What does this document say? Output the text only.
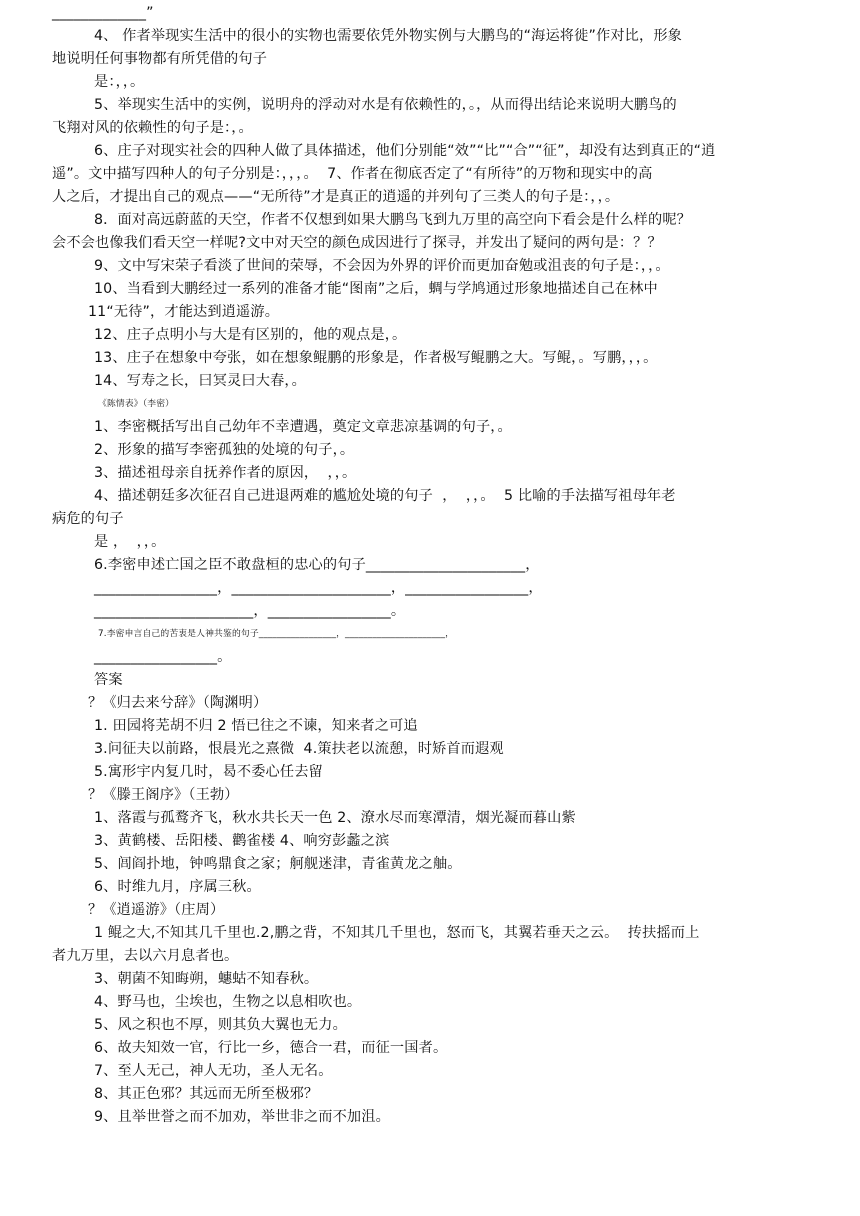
_____________”
4、 作者举现实生活中的很小的实物也需要依凭外物实例与大鹏鸟的“海运将徙”作对比，形象
地说明任何事物都有所凭借的句子
是：，，。
5、举现实生活中的实例，说明舟的浮动对水是有依赖性的，。，从而得出结论来说明大鹏鸟的
飞翔对风的依赖性的句子是：，。
6、庄子对现实社会的四种人做了具体描述，他们分别能“效”“比”“合”“征”，却没有达到真正的“逍
遥”。文中描写四种人的句子分别是：，，，。  7、作者在彻底否定了“有所待”的万物和现实中的高
人之后，才提出自己的观点——“无所待”才是真正的逍遥的并列句了三类人的句子是：，，。
8．面对高远蔚蓝的天空，作者不仅想到如果大鹏鸟飞到九万里的高空向下看会是什么样的呢？
会不会也像我们看天空一样呢?文中对天空的颜色成因进行了探寻，并发出了疑问的两句是：？？
9、文中写宋荣子看淡了世间的荣辱，不会因为外界的评价而更加奋勉或沮丧的句子是：，，。
10、当看到大鹏经过一系列的准备才能“图南”之后，蜩与学鸠通过形象地描述自己在林中
11“无待”，才能达到逍遥游。
12、庄子点明小与大是有区别的，他的观点是，。
13、庄子在想象中夸张，如在想象鲲鹏的形象是，作者极写鲲鹏之大。写鲲，。写鹏，，，。
14、写寿之长，曰冥灵曰大春，。
《陈情表》（李密）
1、李密概括写出自己幼年不幸遭遇，奠定文章悲凉基调的句子，。
2、形象的描写李密孤独的处境的句子，。
3、描述祖母亲自抚养作者的原因，  ，，。
4、描述朝廷多次征召自己进退两难的尴尬处境的句子  ，  ，，。  5 比喻的手法描写祖母年老
病危的句子
是 ，  ，，。
6.李密申述亡国之臣不敢盘桓的忠心的句子______________________，
_________________，______________________，_________________，
______________________，_________________。
7.李密申言自己的苦衷是人神共鉴的句子_________________，______________________，
_________________。
答案
？《归去来兮辞》（陶渊明）
1. 田园将芜胡不归 2 悟已往之不谏，知来者之可追
3.问征夫以前路，恨晨光之熹微  4.策扶老以流憩，时矫首而遐观
5.寓形宇内复几时，曷不委心任去留
？《滕王阁序》（王勃）
1、落霞与孤鹜齐飞，秋水共长天一色 2、潦水尽而寒潭清，烟光凝而暮山紫
3、黄鹤楼、岳阳楼、鹳雀楼 4、响穷彭蠡之滨
5、闾阎扑地，钟鸣鼎食之家；舸舰迷津，青雀黄龙之舳。
6、时维九月，序属三秋。
？《逍遥游》（庄周）
1 鲲之大,不知其几千里也.2,鹏之背，不知其几千里也，怒而飞，其翼若垂天之云。  抟扶摇而上
者九万里，去以六月息者也。
3、朝菌不知晦朔，蟪蛄不知春秋。
4、野马也，尘埃也，生物之以息相吹也。
5、风之积也不厚，则其负大翼也无力。
6、故夫知效一官，行比一乡，德合一君，而征一国者。
7、至人无己，神人无功，圣人无名。
8、其正色邪？其远而无所至极邪？
9、且举世誉之而不加劝，举世非之而不加沮。
